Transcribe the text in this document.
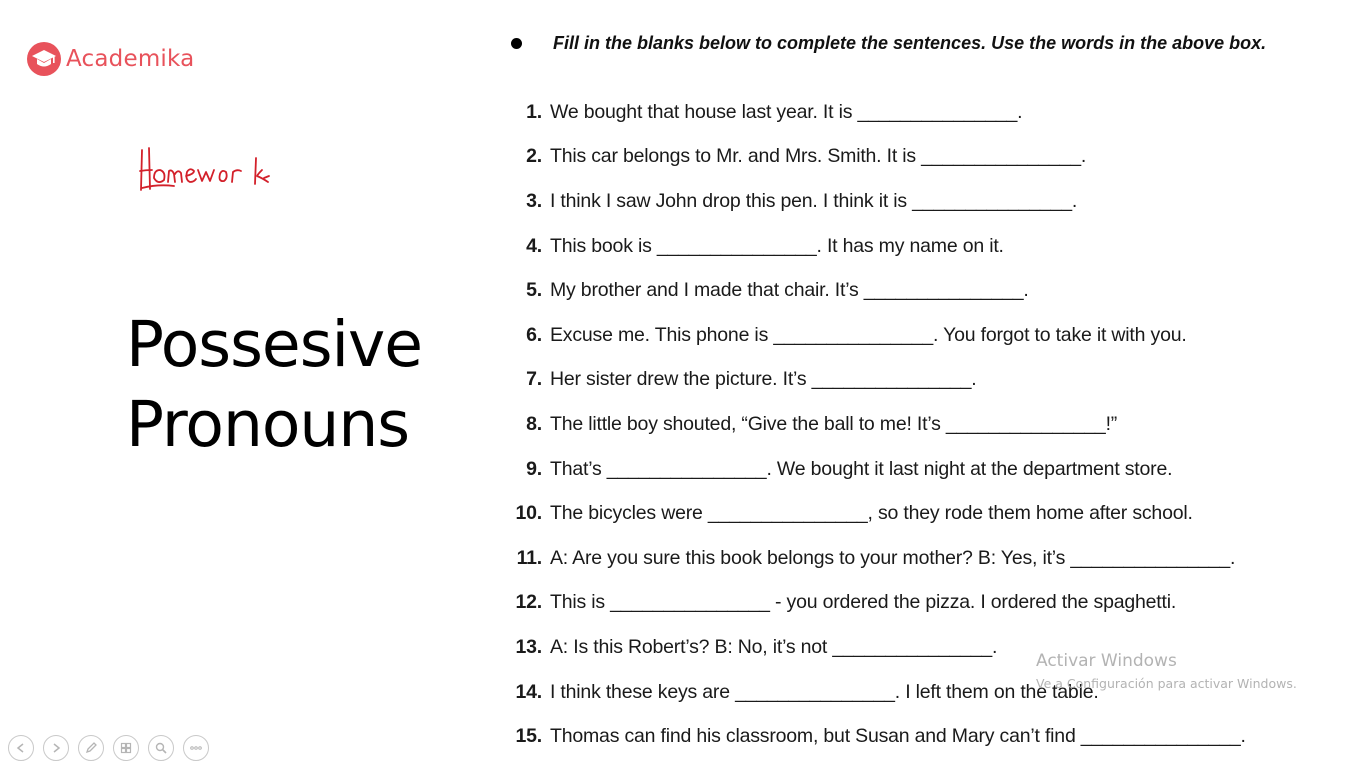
Academika
Possesive
Pronouns
Fill in the blanks below to complete the sentences. Use the words in the above box.
1. We bought that house last year. It is _______________.
2. This car belongs to Mr. and Mrs. Smith. It is _______________.
3. I think I saw John drop this pen. I think it is _______________.
4. This book is _______________. It has my name on it.
5. My brother and I made that chair. It’s _______________.
6. Excuse me. This phone is _______________. You forgot to take it with you.
7. Her sister drew the picture. It’s _______________.
8. The little boy shouted, “Give the ball to me! It’s _______________!”
9. That’s _______________. We bought it last night at the department store.
10. The bicycles were _______________, so they rode them home after school.
11. A: Are you sure this book belongs to your mother? B: Yes, it’s _______________.
12. This is _______________ - you ordered the pizza. I ordered the spaghetti.
13. A: Is this Robert’s? B: No, it’s not _______________.
14. I think these keys are _______________. I left them on the table.
15. Thomas can find his classroom, but Susan and Mary can’t find _______________.
Activar Windows
Ve a Configuración para activar Windows.
